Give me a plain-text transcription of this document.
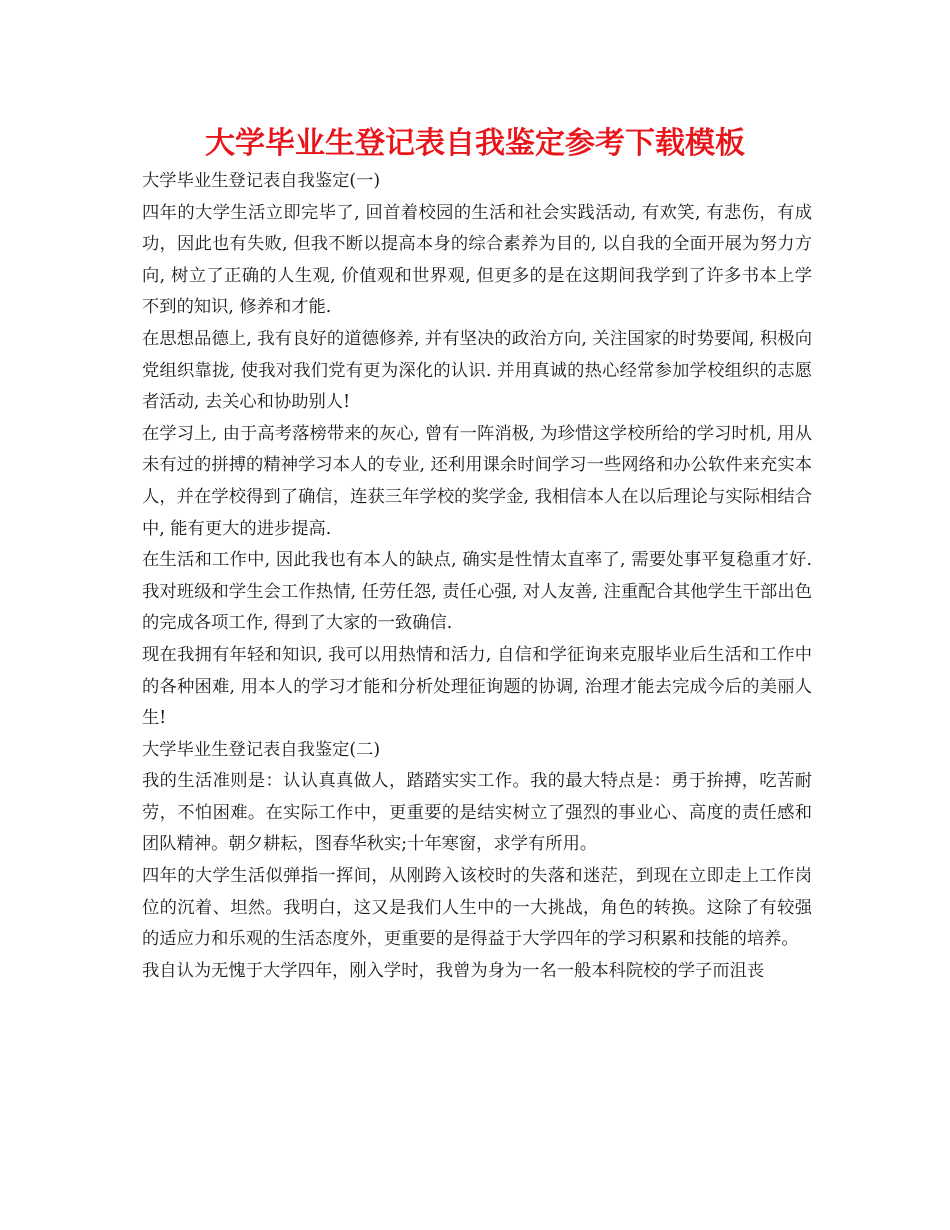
大学毕业生登记表自我鉴定参考下载模板
大学毕业生登记表自我鉴定(一)

四年的大学生活立即完毕了, 回首着校园的生活和社会实践活动, 有欢笑, 有悲伤，有成功，因此也有失败, 但我不断以提高本身的综合素养为目的, 以自我的全面开展为努力方向, 树立了正确的人生观, 价值观和世界观, 但更多的是在这期间我学到了许多书本上学不到的知识, 修养和才能.

在思想品德上, 我有良好的道德修养, 并有坚决的政治方向, 关注国家的时势要闻, 积极向党组织靠拢, 使我对我们党有更为深化的认识. 并用真诚的热心经常参加学校组织的志愿者活动, 去关心和协助别人!

在学习上, 由于高考落榜带来的灰心, 曾有一阵消极, 为珍惜这学校所给的学习时机, 用从未有过的拼搏的精神学习本人的专业, 还利用课余时间学习一些网络和办公软件来充实本人，并在学校得到了确信，连获三年学校的奖学金, 我相信本人在以后理论与实际相结合中, 能有更大的进步提高.

在生活和工作中, 因此我也有本人的缺点, 确实是性情太直率了, 需要处事平复稳重才好. 我对班级和学生会工作热情, 任劳任怨, 责任心强, 对人友善, 注重配合其他学生干部出色的完成各项工作, 得到了大家的一致确信.

现在我拥有年轻和知识, 我可以用热情和活力, 自信和学征询来克服毕业后生活和工作中的各种困难, 用本人的学习才能和分析处理征询题的协调, 治理才能去完成今后的美丽人生!

大学毕业生登记表自我鉴定(二)

我的生活准则是：认认真真做人，踏踏实实工作。我的最大特点是：勇于拚搏，吃苦耐劳，不怕困难。在实际工作中，更重要的是结实树立了强烈的事业心、高度的责任感和团队精神。朝夕耕耘，图春华秋实;十年寒窗，求学有所用。

四年的大学生活似弹指一挥间，从刚跨入该校时的失落和迷茫，到现在立即走上工作岗位的沉着、坦然。我明白，这又是我们人生中的一大挑战，角色的转换。这除了有较强的适应力和乐观的生活态度外，更重要的是得益于大学四年的学习积累和技能的培养。

我自认为无愧于大学四年，刚入学时，我曾为身为一名一般本科院校的学子而沮丧
